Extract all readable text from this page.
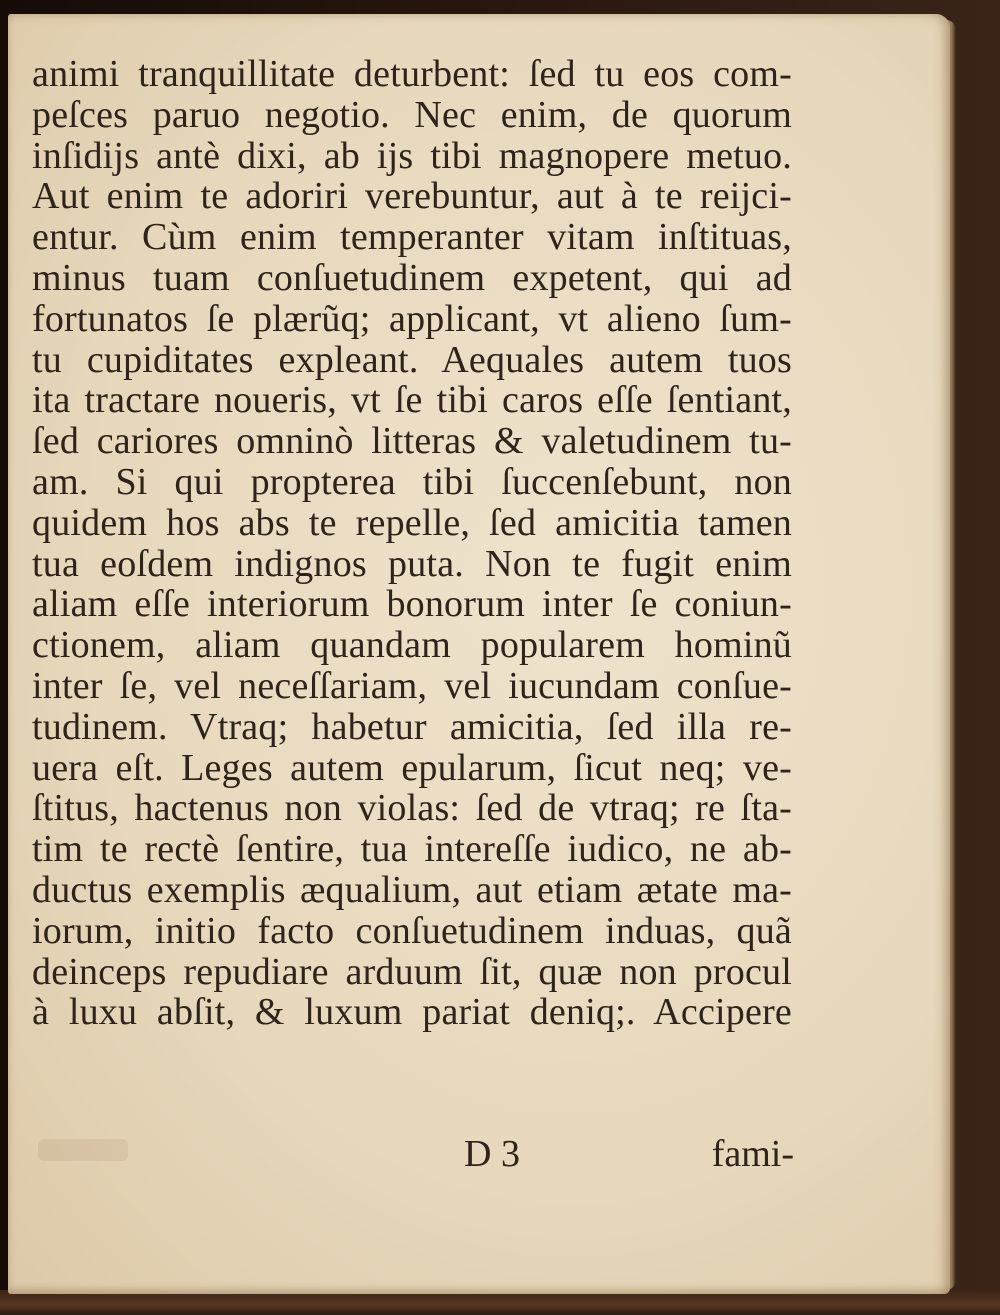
animi tranquillitate deturbent: ſed tu eos com-
peſces paruo negotio. Nec enim, de quorum
inſidijs antè dixi, ab ijs tibi magnopere metuo.
Aut enim te adoriri verebuntur, aut à te reijci-
entur. Cùm enim temperanter vitam inſtituas,
minus tuam conſuetudinem expetent, qui ad
fortunatos ſe plærũq; applicant, vt alieno ſum-
tu cupiditates expleant. Aequales autem tuos
ita tractare noueris, vt ſe tibi caros eſſe ſentiant,
ſed cariores omninò litteras & valetudinem tu-
am. Si qui propterea tibi ſuccenſebunt, non
quidem hos abs te repelle, ſed amicitia tamen
tua eoſdem indignos puta. Non te fugit enim
aliam eſſe interiorum bonorum inter ſe coniun-
ctionem, aliam quandam popularem hominũ
inter ſe, vel neceſſariam, vel iucundam conſue-
tudinem. Vtraq; habetur amicitia, ſed illa re-
uera eſt. Leges autem epularum, ſicut neq; ve-
ſtitus, hactenus non violas: ſed de vtraq; re ſta-
tim te rectè ſentire, tua intereſſe iudico, ne ab-
ductus exemplis æqualium, aut etiam ætate ma-
iorum, initio facto conſuetudinem induas, quã
deinceps repudiare arduum ſit, quæ non procul
à luxu abſit, & luxum pariat deniq;. Accipere
D 3	fami-
